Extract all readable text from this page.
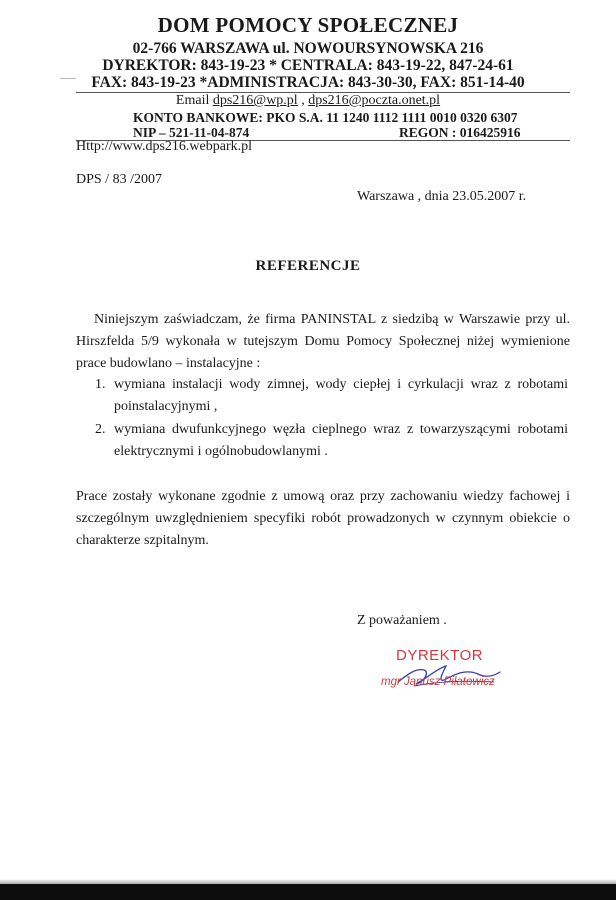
DOM POMOCY SPOŁECZNEJ
02-766 WARSZAWA ul. NOWOURSYNOWSKA 216
DYREKTOR: 843-19-23 * CENTRALA: 843-19-22, 847-24-61
FAX: 843-19-23 *ADMINISTRACJA: 843-30-30, FAX: 851-14-40
Email dps216@wp.pl , dps216@poczta.onet.pl
KONTO BANKOWE: PKO S.A. 11 1240 1112 1111 0010 0320 6307
NIP – 521-11-04-874	REGON : 016425916
Http://www.dps216.webpark.pl
DPS / 83 /2007
Warszawa , dnia 23.05.2007 r.
REFERENCJE
Niniejszym zaświadczam, że firma PANINSTAL z siedzibą w Warszawie przy ul. Hirszfelda 5/9 wykonała w tutejszym Domu Pomocy Społecznej niżej wymienione prace budowlano – instalacyjne :
1. wymiana instalacji wody zimnej, wody ciepłej i cyrkulacji wraz z robotami poinstalacyjnymi ,
2. wymiana dwufunkcyjnego węzła cieplnego wraz z towarzyszącymi robotami elektrycznymi i ogólnobudowlanymi .
Prace zostały wykonane zgodnie z umową oraz przy zachowaniu wiedzy fachowej i szczególnym uwzględnieniem specyfiki robót prowadzonych w czynnym obiekcie o charakterze szpitalnym.
Z poważaniem .
DYREKTOR
mgr Janusz Piłatowicz
